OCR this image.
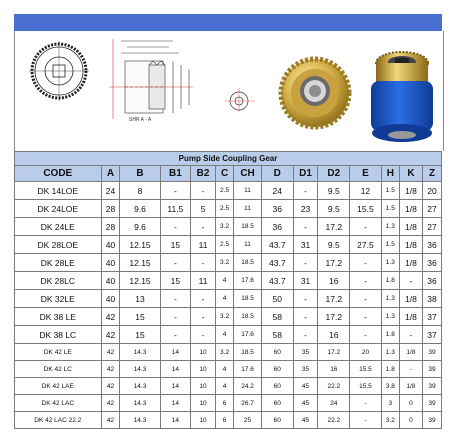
SHR A - A
Pump Side Coupling Gear													
CODE	A	B	B1	B2	C	CH	D	D1	D2	E	H	K	Z
DK 14LOE	24	8	-	-	2.5	11	24	-	9.5	12	1.5	1/8	20
DK 24LOE	28	9.6	11.5	5	2.5	11	36	23	9.5	15.5	1.5	1/8	27
DK 24LE	28	9.6	-	-	3.2	18.5	36	-	17.2	-	1.3	1/8	27
DK 28LOE	40	12.15	15	11	2.5	11	43.7	31	9.5	27.5	1.5	1/8	36
DK 28LE	40	12.15	-	-	3.2	18.5	43.7	-	17.2	-	1.3	1/8	36
DK 28LC	40	12.15	15	11	4	17.6	43.7	31	16	-	1.8	-	36
DK 32LE	40	13	-	-	4	18.5	50	-	17.2	-	1.3	1/8	38
DK 38 LE	42	15	-	-	3.2	18.5	58	-	17.2	-	1.3	1/8	37
DK 38 LC	42	15	-	-	4	17.6	58	-	16	-	1.8	-	37
DK 42 LE	42	14.3	14	10	3.2	18.5	60	35	17.2	20	1.3	1/8	39
DK 42 LC	42	14.3	14	10	4	17.6	60	35	16	15.5	1.8	-	39
DK 42 LAE	42	14.3	14	10	4	24.2	60	45	22.2	15.5	3.8	1/8	39
DK 42 LAC	42	14.3	14	10	6	26.7	60	45	24	-	3	0	39
DK 42 LAC 22.2	42	14.3	14	10	6	25	60	45	22.2	-	3.2	0	39
